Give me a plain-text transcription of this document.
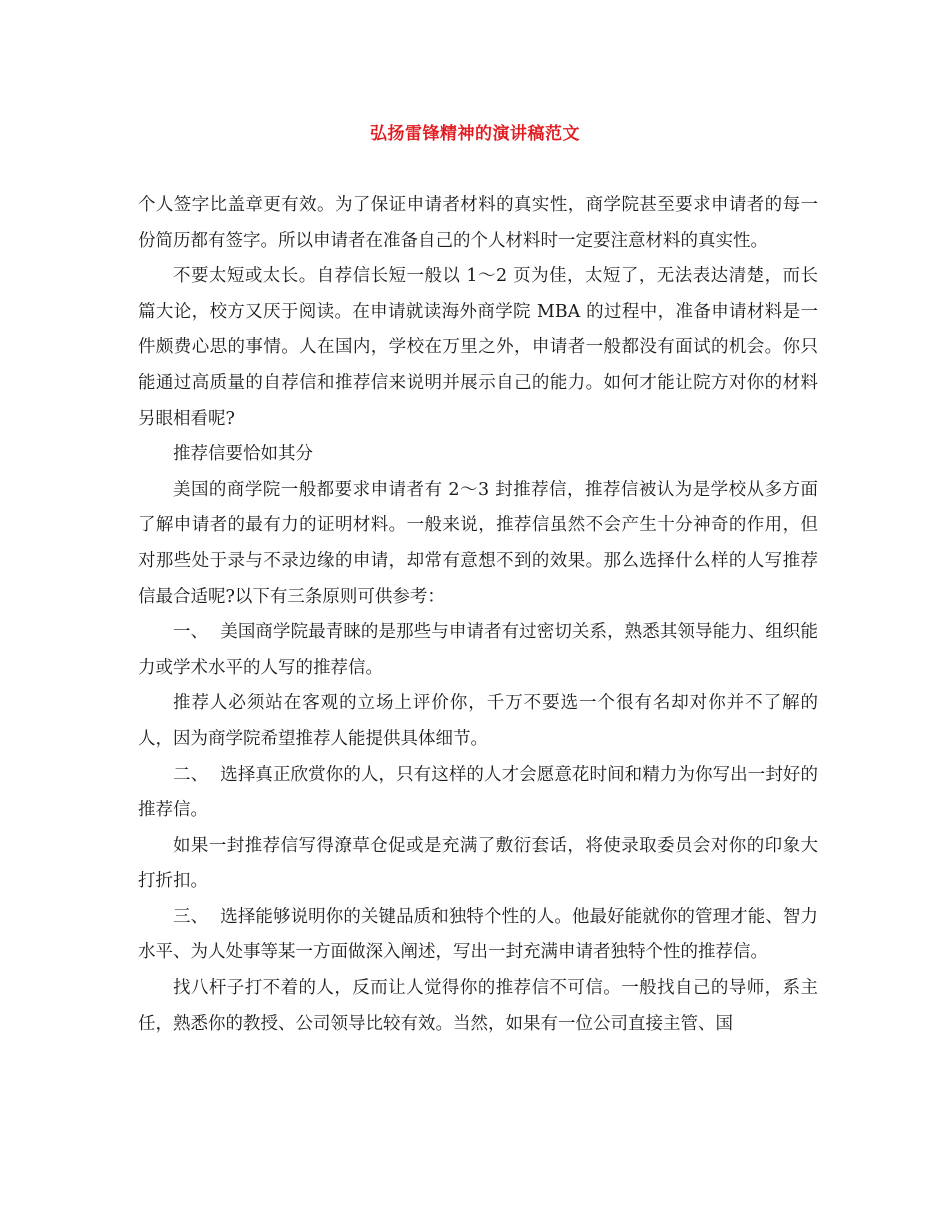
弘扬雷锋精神的演讲稿范文

个人签字比盖章更有效。为了保证申请者材料的真实性，商学院甚至要求申请者的每一份简历都有签字。所以申请者在准备自己的个人材料时一定要注意材料的真实性。

不要太短或太长。自荐信长短一般以 1～2 页为佳，太短了，无法表达清楚，而长篇大论，校方又厌于阅读。在申请就读海外商学院 MBA 的过程中，准备申请材料是一件颇费心思的事情。人在国内，学校在万里之外，申请者一般都没有面试的机会。你只能通过高质量的自荐信和推荐信来说明并展示自己的能力。如何才能让院方对你的材料另眼相看呢?

推荐信要恰如其分

美国的商学院一般都要求申请者有 2～3 封推荐信，推荐信被认为是学校从多方面了解申请者的最有力的证明材料。一般来说，推荐信虽然不会产生十分神奇的作用，但对那些处于录与不录边缘的申请，却常有意想不到的效果。那么选择什么样的人写推荐信最合适呢?以下有三条原则可供参考：

一、 美国商学院最青睐的是那些与申请者有过密切关系，熟悉其领导能力、组织能力或学术水平的人写的推荐信。

推荐人必须站在客观的立场上评价你，千万不要选一个很有名却对你并不了解的人，因为商学院希望推荐人能提供具体细节。

二、 选择真正欣赏你的人，只有这样的人才会愿意花时间和精力为你写出一封好的推荐信。

如果一封推荐信写得潦草仓促或是充满了敷衍套话，将使录取委员会对你的印象大打折扣。

三、 选择能够说明你的关键品质和独特个性的人。他最好能就你的管理才能、智力水平、为人处事等某一方面做深入阐述，写出一封充满申请者独特个性的推荐信。

找八杆子打不着的人，反而让人觉得你的推荐信不可信。一般找自己的导师，系主任，熟悉你的教授、公司领导比较有效。当然，如果有一位公司直接主管、国
